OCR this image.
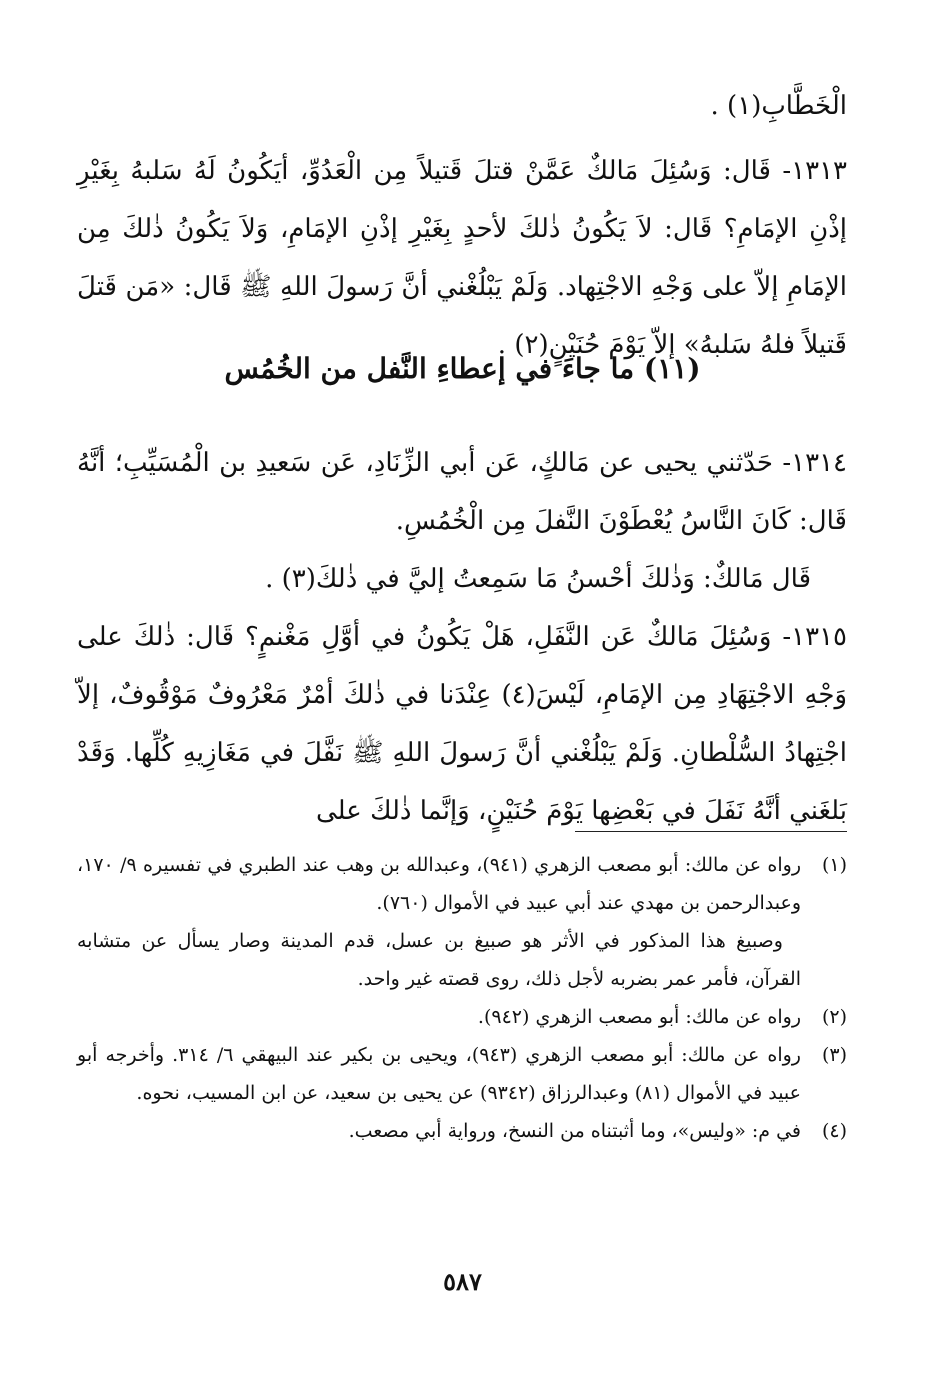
الْخَطَّابِ(١) .

١٣١٣- قَال: وَسُئِلَ مَالكٌ عَمَّنْ قتلَ قَتيلاً مِن الْعَدُوِّ، أيَكُونُ لَهُ سَلبهُ بِغَيْرِ إذْنِ الإمَامِ؟ قَال: لاَ يَكُونُ ذٰلكَ لأحدٍ بِغَيْرِ إذْنِ الإمَامِ، وَلاَ يَكُونُ ذٰلكَ مِن الإمَامِ إلاّ على وَجْهِ الاجْتِهاد. وَلَمْ يَبْلُغْني أنَّ رَسولَ اللهِ ﷺ قَال: «مَن قَتلَ قَتيلاً فلهُ سَلبهُ» إلاّ يَوْمَ حُنَيْنٍ(٢) .

(١١) ما جاءَ في إعطاءِ النَّفل من الخُمُس

١٣١٤- حَدّثني يحيى عن مَالكٍ، عَن أبي الزِّنَادِ، عَن سَعيدِ بن الْمُسَيِّبِ؛ أنَّهُ قَال: كَانَ النَّاسُ يُعْطَوْنَ النَّفلَ مِن الْخُمُسِ.

قَال مَالكٌ: وَذٰلكَ أحْسنُ مَا سَمِعتُ إليَّ في ذٰلكَ(٣) .

١٣١٥- وَسُئِلَ مَالكٌ عَن النَّفَلِ، هَلْ يَكُونُ في أوَّلِ مَغْنمٍ؟ قَال: ذٰلكَ على وَجْهِ الاجْتِهَادِ مِن الإمَامِ، لَيْسَ(٤) عِنْدَنا في ذٰلكَ أمْرٌ مَعْرُوفٌ مَوْقُوفٌ، إلاّ اجْتِهادُ السُّلْطانِ. وَلَمْ يَبْلُغْني أنَّ رَسولَ اللهِ ﷺ نَفَّلَ في مَغَازِيهِ كُلِّها. وَقَدْ بَلغَني أنَّهُ نَفَلَ في بَعْضِها يَوْمَ حُنَيْنٍ، وَإنَّما ذٰلكَ على

(١)
رواه عن مالك: أبو مصعب الزهري (٩٤١)، وعبدالله بن وهب عند الطبري في تفسيره ٩/ ١٧٠، وعبدالرحمن بن مهدي عند أبي عبيد في الأموال (٧٦٠).
وصبيغ هذا المذكور في الأثر هو صبيغ بن عسل، قدم المدينة وصار يسأل عن متشابه القرآن، فأمر عمر بضربه لأجل ذلك، روى قصته غير واحد.
(٢)
رواه عن مالك: أبو مصعب الزهري (٩٤٢).
(٣)
رواه عن مالك: أبو مصعب الزهري (٩٤٣)، ويحيى بن بكير عند البيهقي ٦/ ٣١٤. وأخرجه أبو عبيد في الأموال (٨١) وعبدالرزاق (٩٣٤٢) عن يحيى بن سعيد، عن ابن المسيب، نحوه.
(٤)
في م: «وليس»، وما أثبتناه من النسخ، ورواية أبي مصعب.
٥٨٧
